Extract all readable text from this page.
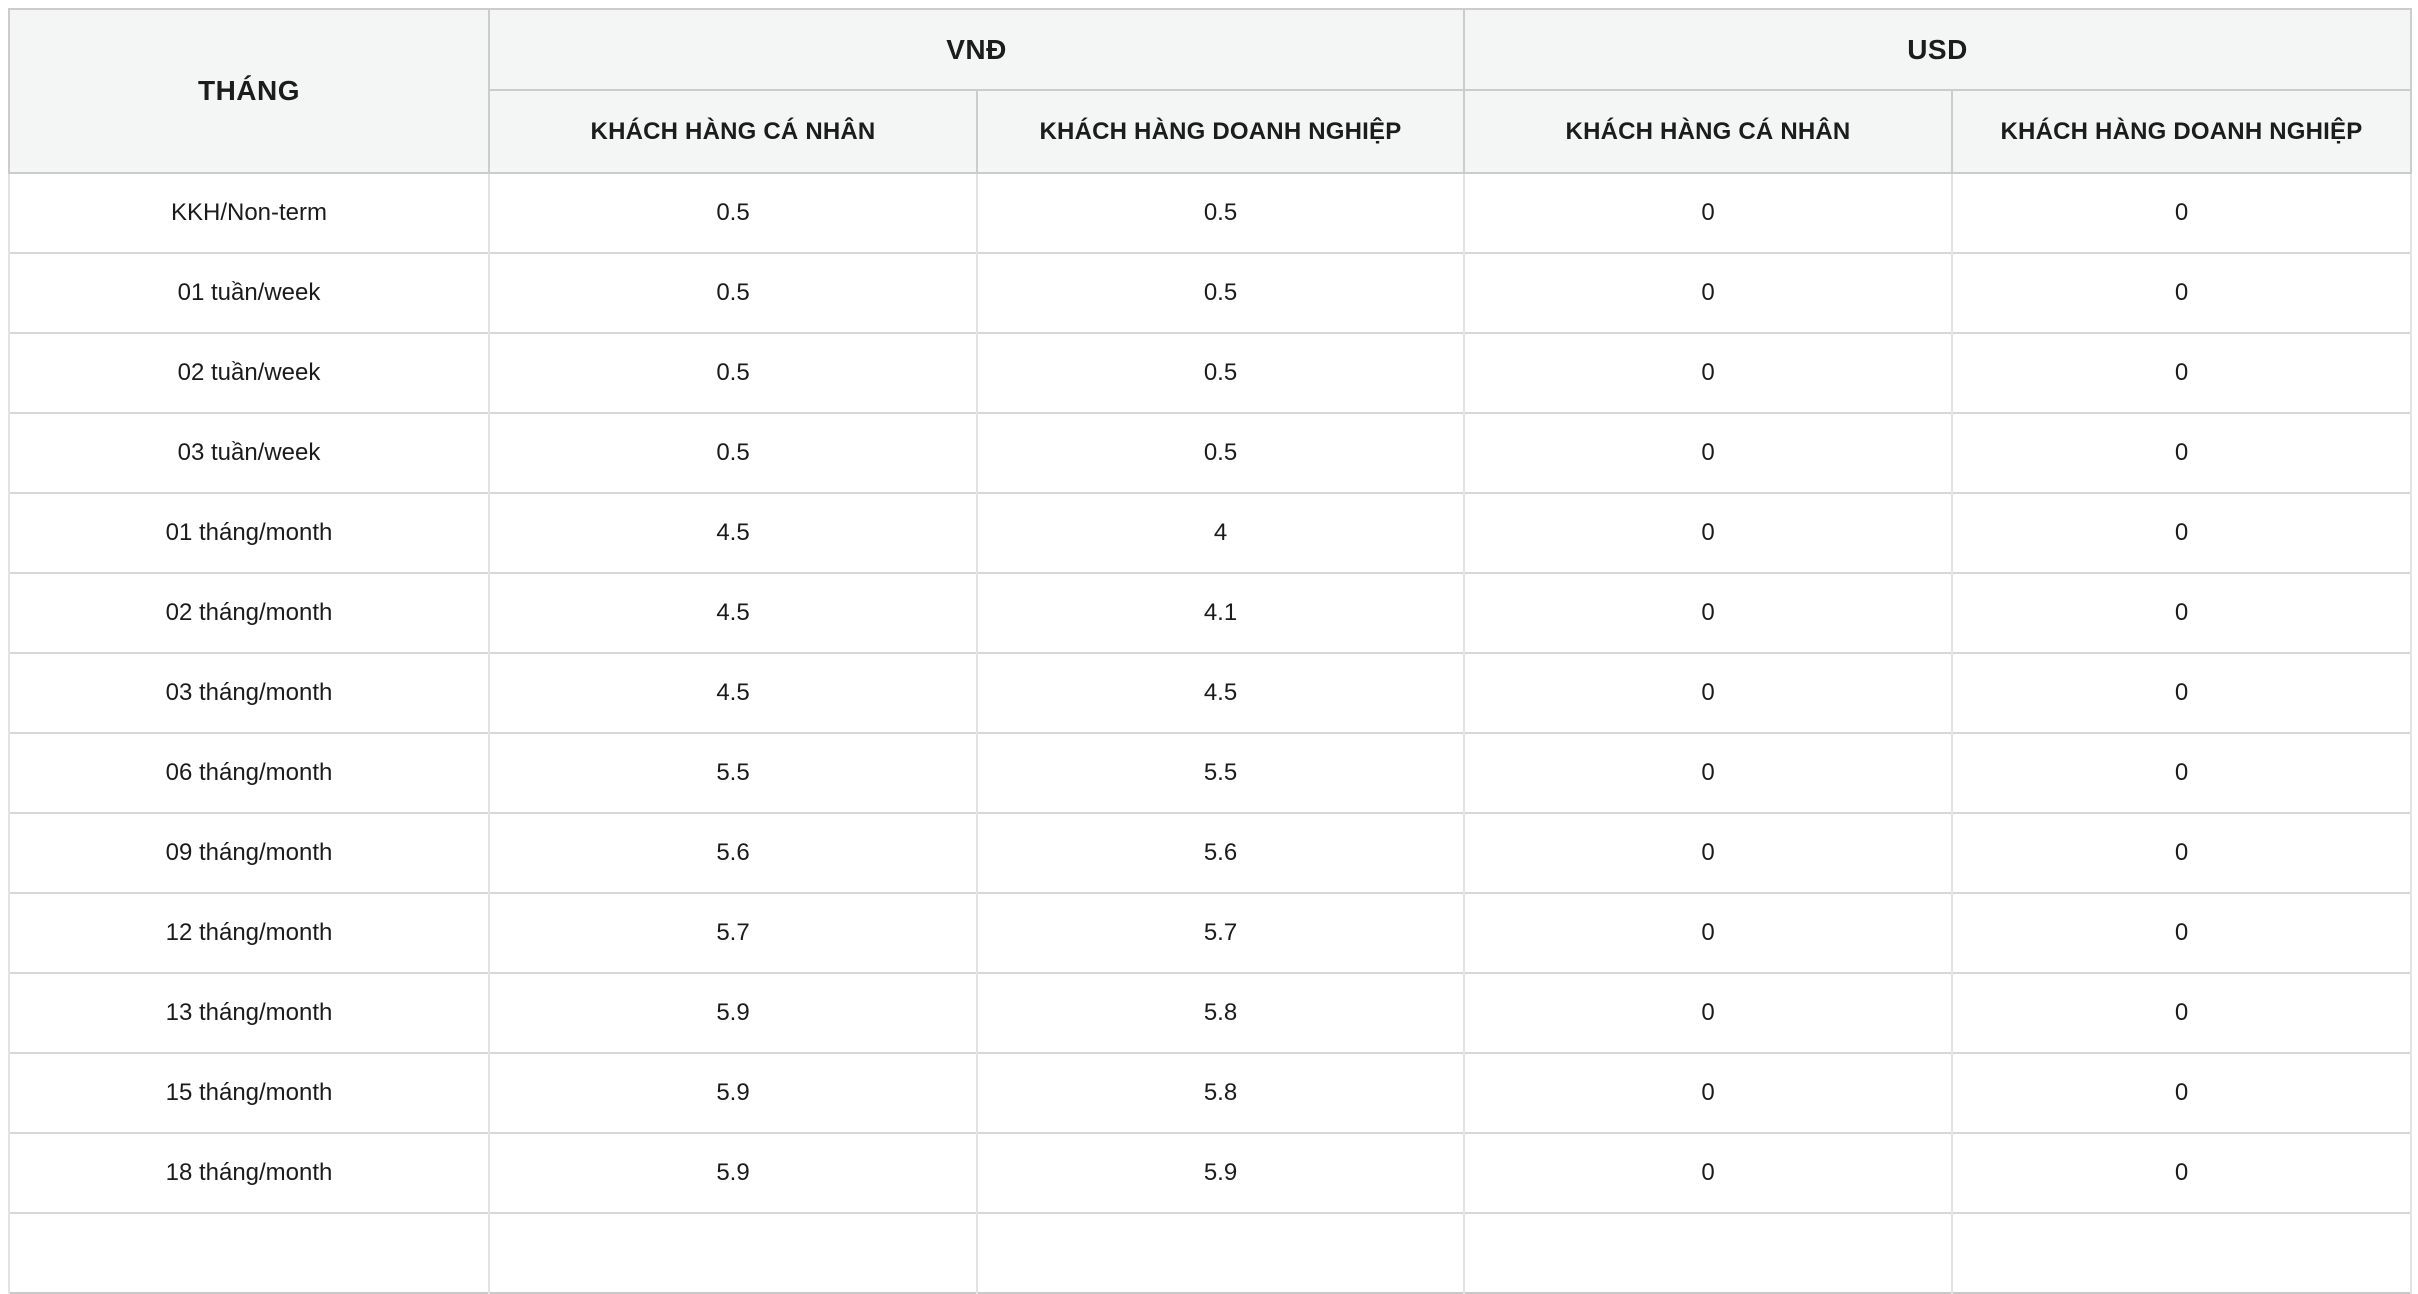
THÁNG	VNĐ		USD	
	KHÁCH HÀNG CÁ NHÂN	KHÁCH HÀNG DOANH NGHIỆP	KHÁCH HÀNG CÁ NHÂN	KHÁCH HÀNG DOANH NGHIỆP
KKH/Non-term	0.5	0.5	0	0
01 tuần/week	0.5	0.5	0	0
02 tuần/week	0.5	0.5	0	0
03 tuần/week	0.5	0.5	0	0
01 tháng/month	4.5	4	0	0
02 tháng/month	4.5	4.1	0	0
03 tháng/month	4.5	4.5	0	0
06 tháng/month	5.5	5.5	0	0
09 tháng/month	5.6	5.6	0	0
12 tháng/month	5.7	5.7	0	0
13 tháng/month	5.9	5.8	0	0
15 tháng/month	5.9	5.8	0	0
18 tháng/month	5.9	5.9	0	0
